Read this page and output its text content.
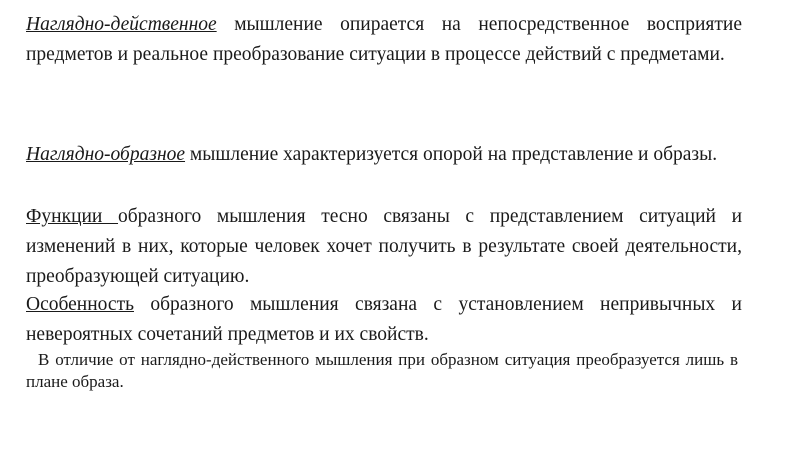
Наглядно-действенное мышление опирается на непосредственное восприятие предметов и реальное преобразование ситуации в процессе действий с предметами.

Наглядно-образное мышление характеризуется опорой на представление и образы.

Функции образного мышления тесно связаны с представлением ситуаций и изменений в них, которые человек хочет получить в результате своей деятельности, преобразующей ситуацию.

Особенность образного мышления связана с установлением непривычных и невероятных сочетаний предметов и их свойств.

В отличие от наглядно-действенного мышления при образном ситуация преобразуется лишь в плане образа.
